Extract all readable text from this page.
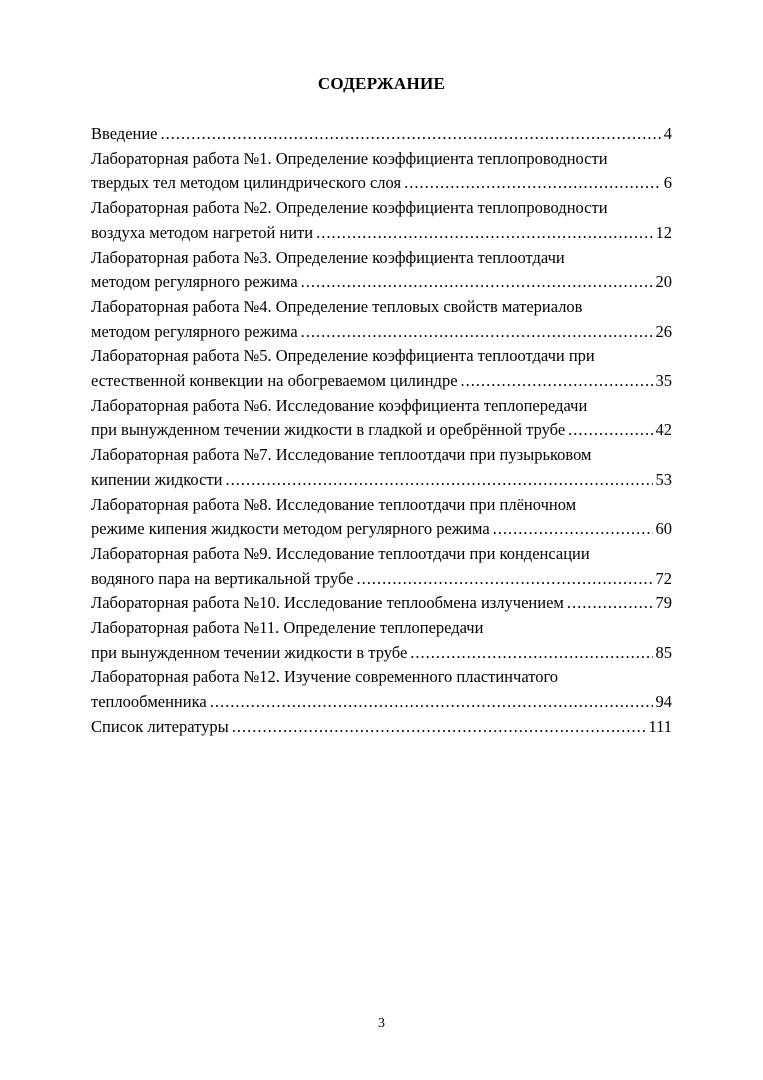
СОДЕРЖАНИЕ
Введение .....	4
Лабораторная работа №1. Определение коэффициента теплопроводности
твердых тел методом цилиндрического слоя .....	6
Лабораторная работа №2. Определение коэффициента теплопроводности
воздуха методом нагретой нити .....	12
Лабораторная работа №3. Определение коэффициента теплоотдачи
методом регулярного режима .....	20
Лабораторная работа №4. Определение тепловых свойств материалов
методом регулярного режима .....	26
Лабораторная работа №5. Определение коэффициента теплоотдачи при
естественной конвекции на обогреваемом цилиндре .....	35
Лабораторная работа №6. Исследование коэффициента теплопередачи
при вынужденном течении жидкости в гладкой и оребрённой трубе .....	42
Лабораторная работа №7. Исследование теплоотдачи при пузырьковом
кипении жидкости .....	53
Лабораторная работа №8. Исследование теплоотдачи при плёночном
режиме кипения жидкости методом регулярного режима .....	60
Лабораторная работа №9. Исследование теплоотдачи при конденсации
водяного пара на вертикальной трубе .....	72
Лабораторная работа №10. Исследование теплообмена излучением .....	79
Лабораторная работа №11. Определение теплопередачи
при вынужденном течении жидкости в трубе .....	85
Лабораторная работа №12. Изучение современного пластинчатого
теплообменника .....	94
Список литературы .....	111
3
